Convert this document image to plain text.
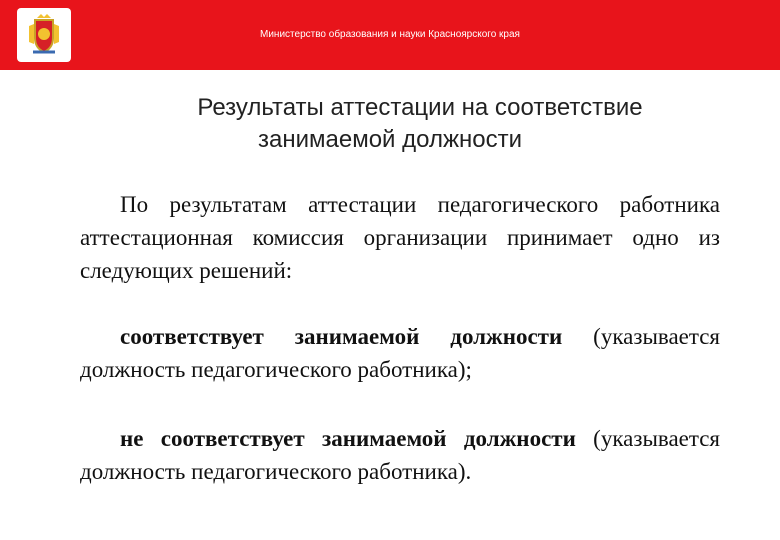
Министерство образования и науки Красноярского края
Результаты аттестации на соответствие
занимаемой должности
По результатам аттестации педагогического работника аттестационная комиссия организации принимает одно из следующих решений:
соответствует занимаемой должности (указывается должность педагогического работника);
не соответствует занимаемой должности (указывается должность педагогического работника).
